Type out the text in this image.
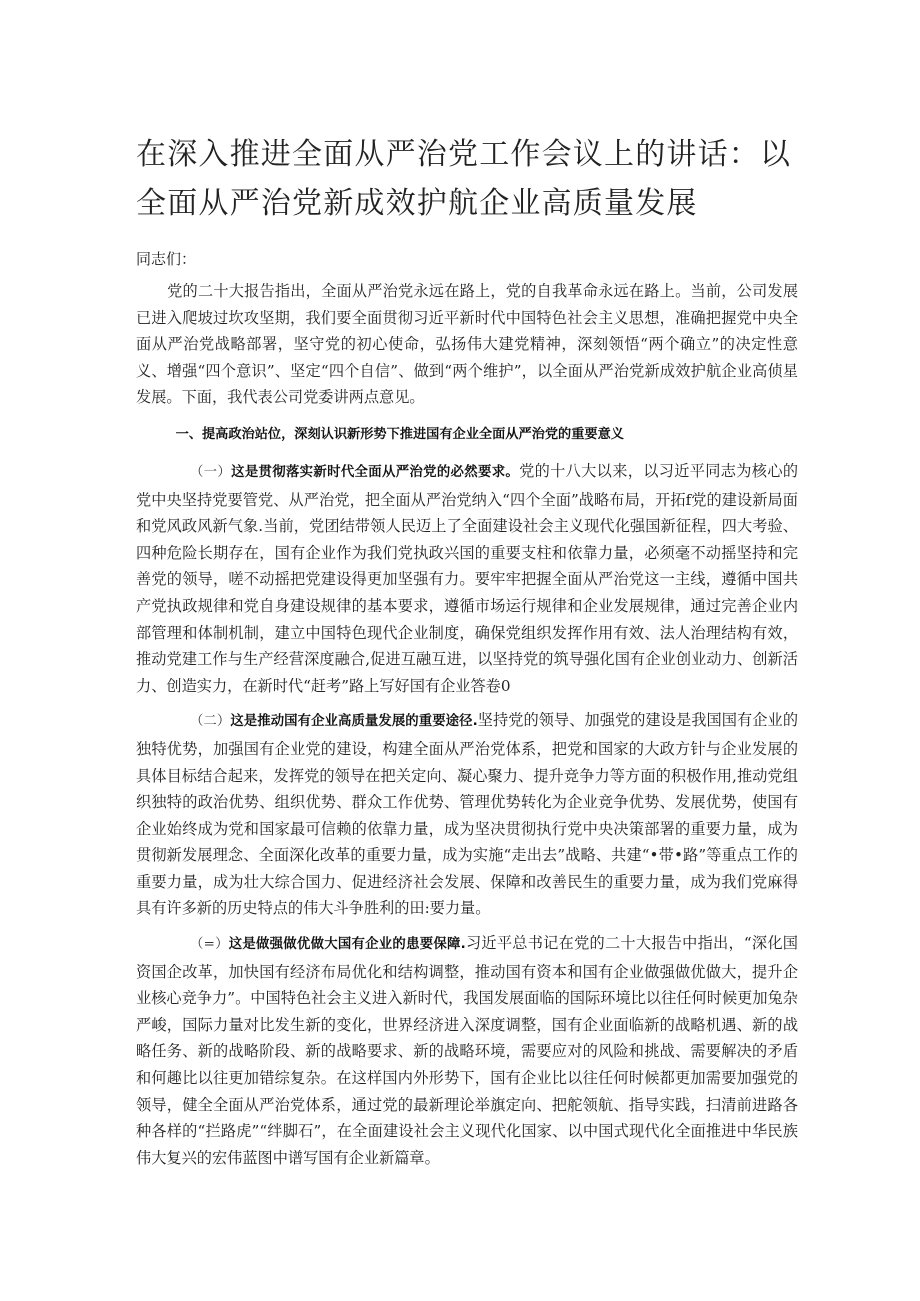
在深入推进全面从严治党工作会议上的讲话：以全面从严治党新成效护航企业高质量发展

同志们：

党的二十大报告指出，全面从严治党永远在路上，党的自我革命永远在路上。当前，公司发展已进入爬坡过坎攻坚期，我们要全面贯彻习近平新时代中国特色社会主义思想，准确把握党中央全面从严治党战略部署，坚守党的初心使命，弘扬伟大建党精神，深刻领悟“两个确立”的决定性意义、增强“四个意识”、坚定“四个自信”、做到“两个维护”，以全面从严治党新成效护航企业高侦星发展。下面，我代表公司党委讲两点意见。

一、提高政治站位，深刻认识新形势下推进国有企业全面从严治党的重要意义

（一）这是贯彻落实新时代全面从严治党的必然要求。党的十八大以来，以习近平同志为核心的党中央坚持党要管党、从严治党，把全面从严治党纳入“四个全面”战略布局，开拓f党的建设新局面和党风政风新气象.当前，党团结带领人民迈上了全面建设社会主义现代化强国新征程，四大考验、四种危险长期存在，国有企业作为我们党执政兴国的重要支柱和依靠力量，必须毫不动摇坚持和完善党的领导，嗟不动摇把党建设得更加坚强有力。要牢牢把握全面从严治党这一主线，遵循中国共产党执政规律和党自身建设规律的基本要求，遵循市场运行规律和企业发展规律，通过完善企业内部管理和体制机制，建立中国特色现代企业制度，确保党组织发挥作用有效、法人治理结构有效，推动党建工作与生产经营深度融合,促进互融互进，以坚持党的筑导强化国有企业创业动力、创新活力、创造实力，在新时代“赶考”路上写好国有企业答卷0

（二）这是推动国有企业高质量发展的重要途径.坚持党的领导、加强党的建设是我国国有企业的独特优势，加强国有企业党的建设，构建全面从严治党体系，把党和国家的大政方针与企业发展的具体目标结合起来，发挥党的领导在把关定向、凝心聚力、提升竞争力等方面的积极作用,推动党组织独特的政治优势、组织优势、群众工作优势、管理优势转化为企业竞争优势、发展优势，使国有企业始终成为党和国家最可信赖的依靠力量，成为坚决贯彻执行党中央决策部署的重要力量，成为贯彻新发展理念、全面深化改革的重要力量，成为实施“走出去”战略、共建“•带•路”等重点工作的重要力量，成为壮大综合国力、促进经济社会发展、保障和改善民生的重要力量，成为我们党麻得具有许多新的历史特点的伟大斗争胜利的田:要力量。

（=）这是做强做优做大国有企业的患要保障.习近平总书记在党的二十大报告中指出，“深化国资国企改革，加快国有经济布局优化和结构调整，推动国有资本和国有企业做强做优做大，提升企业核心竞争力”。中国特色社会主义进入新时代，我国发展面临的国际环境比以往任何时候更加兔杂严峻，国际力量对比发生新的变化，世界经济进入深度调整，国有企业面临新的战略机遇、新的战略任务、新的战略阶段、新的战略要求、新的战略环境，需要应对的风险和挑战、需要解决的矛盾和何趣比以往更加错综复杂。在这样国内外形势下，国有企业比以往任何时候都更加需要加强党的领导，健全全面从严治党体系，通过党的最新理论举旗定向、把舵领航、指导实践，扫清前进路各种各样的“拦路虎”“绊脚石”，在全面建设社会主义现代化国家、以中国式现代化全面推进中华民族伟大复兴的宏伟蓝图中谱写国有企业新篇章。
